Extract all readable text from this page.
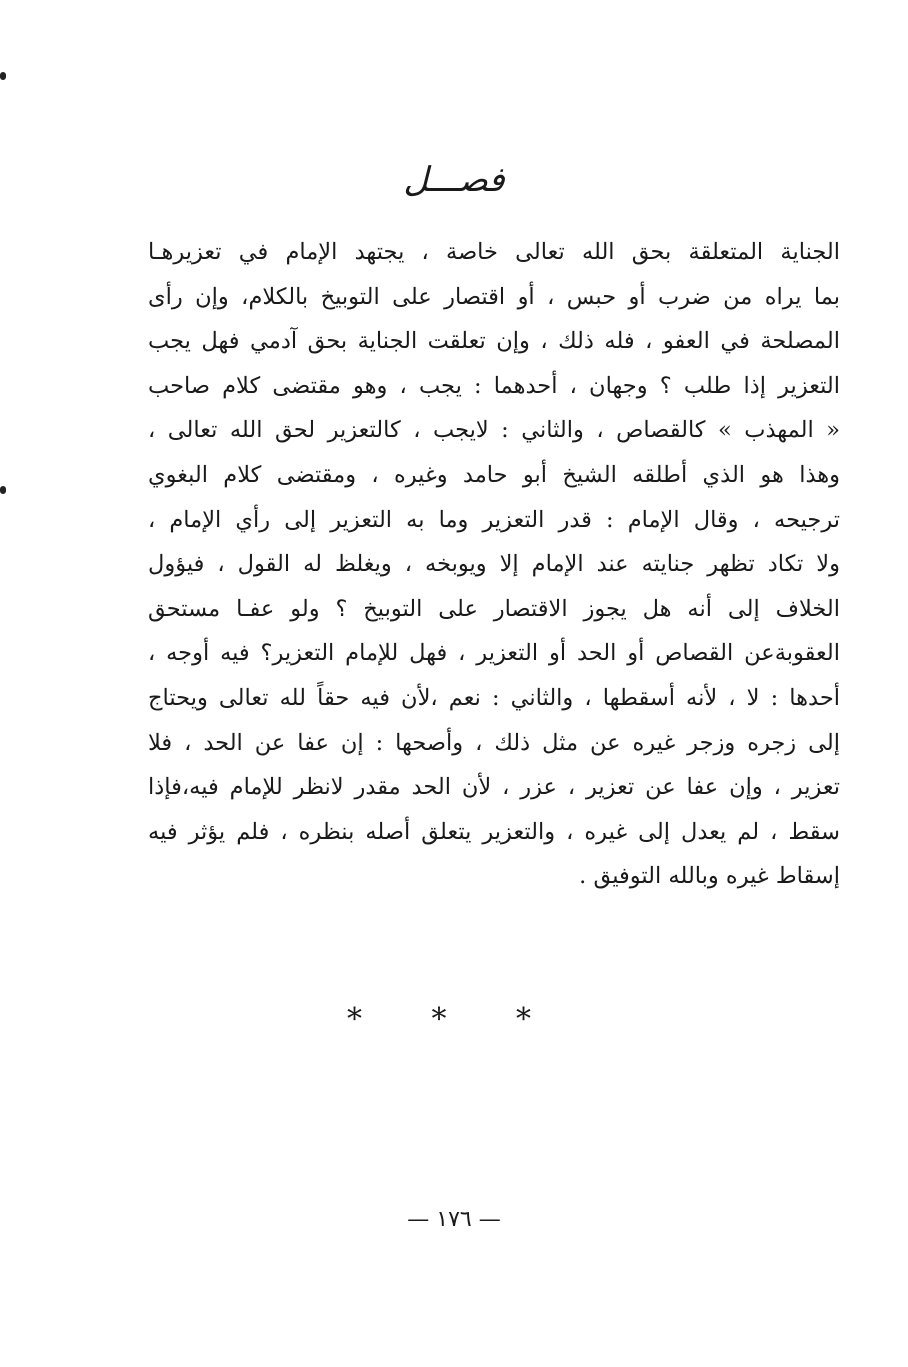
فصـــل
الجناية المتعلقة بحق الله تعالى خاصة ، يجتهد الإمام في تعزيرهـا
بما يراه من ضرب أو حبس ، أو اقتصار على التوبيخ بالكلام، وإن رأى
المصلحة في العفو ، فله ذلك ، وإن تعلقت الجناية بحق آدمي فهل يجب
التعزير إذا طلب ؟ وجهان ، أحدهما : يجب ، وهو مقتضى كلام صاحب
« المهذب » كالقصاص ، والثاني : لايجب ، كالتعزير لحق الله تعالى ،
وهذا هو الذي أطلقه الشيخ أبو حامد وغيره ، ومقتضى كلام البغوي
ترجيحه ، وقال الإمام : قدر التعزير وما به التعزير إلى رأي الإمام ،
ولا تكاد تظهر جنايته عند الإمام إلا ويوبخه ، ويغلظ له القول ، فيؤول
الخلاف إلى أنه هل يجوز الاقتصار على التوبيخ ؟ ولو عفـا مستحق
العقوبةعن القصاص أو الحد أو التعزير ، فهل للإمام التعزير؟ فيه أوجه ،
أحدها : لا ، لأنه أسقطها ، والثاني : نعم ،لأن فيه حقاً لله تعالى ويحتاج
إلى زجره وزجر غيره عن مثل ذلك ، وأصحها : إن عفا عن الحد ، فلا
تعزير ، وإن عفا عن تعزير ، عزر ، لأن الحد مقدر لانظر للإمام فيه،فإذا
سقط ، لم يعدل إلى غيره ، والتعزير يتعلق أصله بنظره ، فلم يؤثر فيه
إسقاط غيره وبالله التوفيق .
* * *
— ١٧٦ —
